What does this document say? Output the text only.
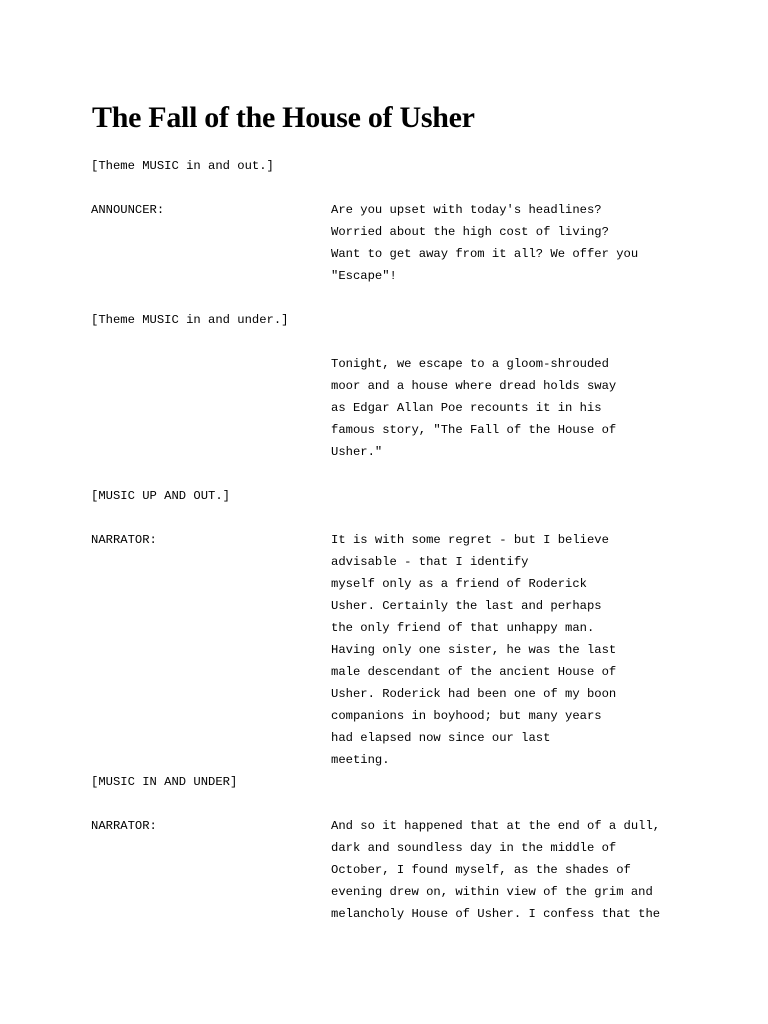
The Fall of the House of Usher
[Theme MUSIC in and out.]
ANNOUNCER:	Are you upset with today's headlines?
Worried about the high cost of living?
Want to get away from it all? We offer you
"Escape"!
[Theme MUSIC in and under.]
Tonight, we escape to a gloom-shrouded
moor and a house where dread holds sway
as Edgar Allan Poe recounts it in his
famous story, "The Fall of the House of
Usher."
[MUSIC UP AND OUT.]
NARRATOR:	It is with some regret - but I believe
advisable - that I identify
myself only as a friend of Roderick
Usher. Certainly the last and perhaps
the only friend of that unhappy man.
Having only one sister, he was the last
male descendant of the ancient House of
Usher. Roderick had been one of my boon
companions in boyhood; but many years
had elapsed now since our last
meeting.
[MUSIC IN AND UNDER]
NARRATOR:	And so it happened that at the end of a dull,
dark and soundless day in the middle of
October, I found myself, as the shades of
evening drew on, within view of the grim and
melancholy House of Usher. I confess that the
